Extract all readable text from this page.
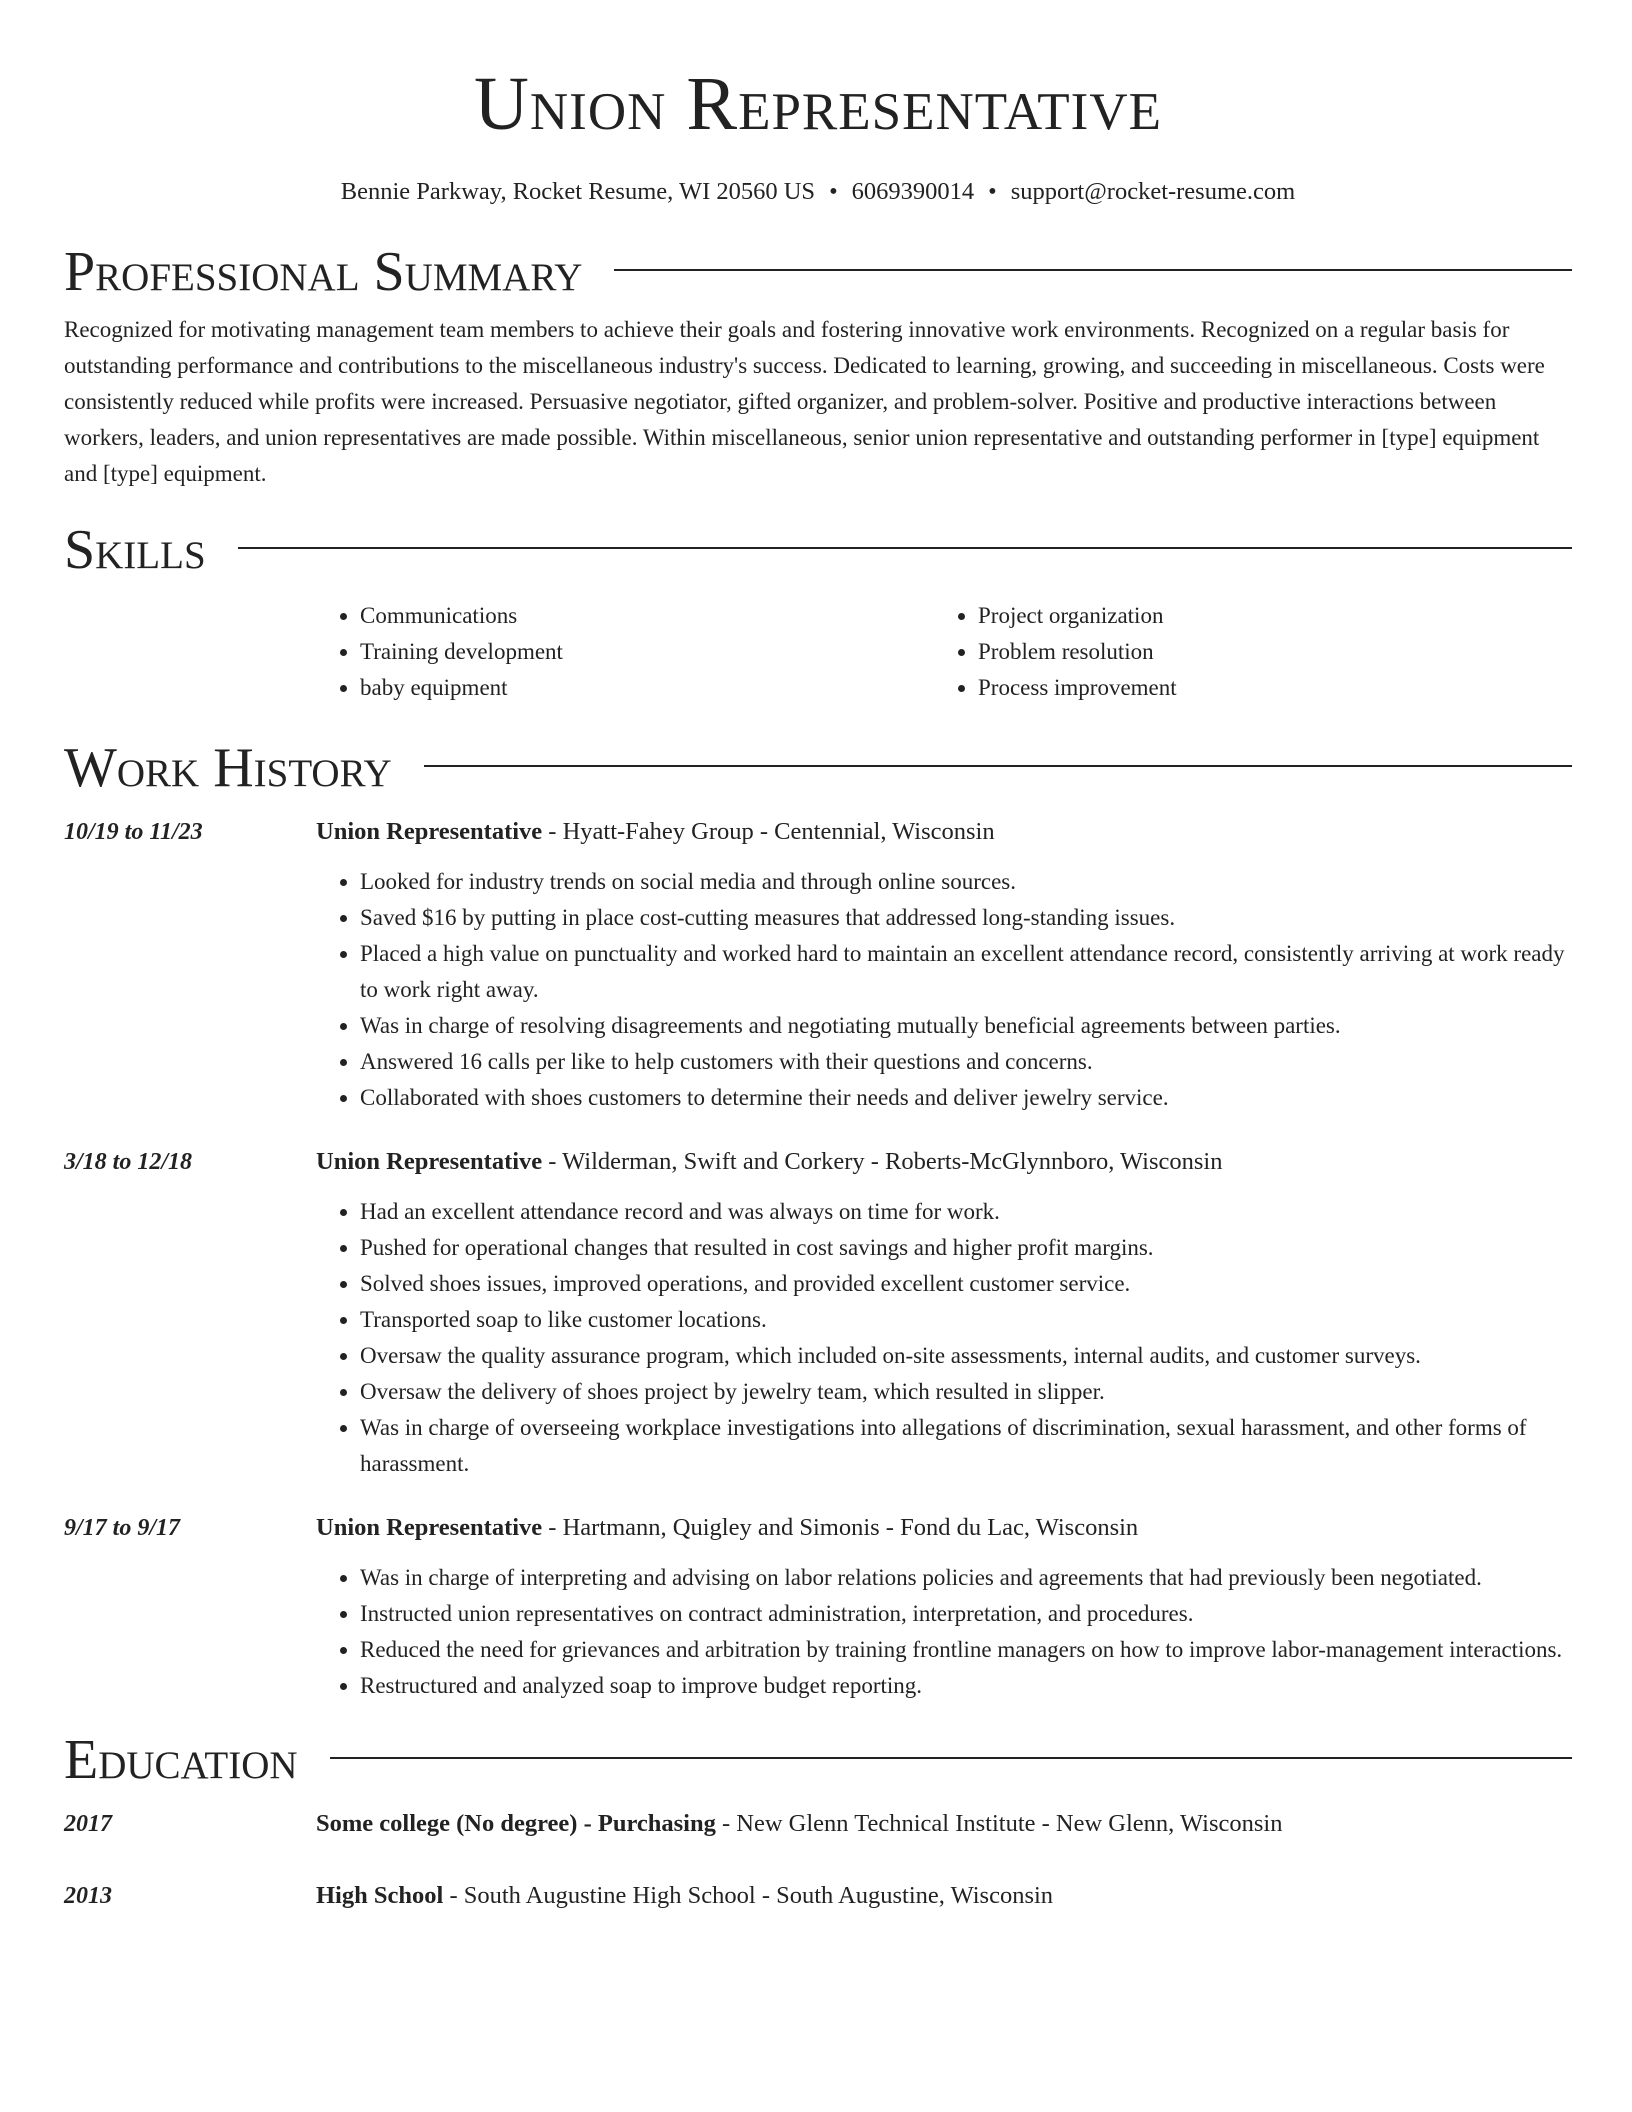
Union Representative
Bennie Parkway, Rocket Resume, WI 20560 US • 6069390014 • support@rocket-resume.com
Professional Summary

Recognized for motivating management team members to achieve their goals and fostering innovative work environments. Recognized on a regular basis for outstanding performance and contributions to the miscellaneous industry's success. Dedicated to learning, growing, and succeeding in miscellaneous. Costs were consistently reduced while profits were increased. Persuasive negotiator, gifted organizer, and problem-solver. Positive and productive interactions between workers, leaders, and union representatives are made possible. Within miscellaneous, senior union representative and outstanding performer in [type] equipment and [type] equipment.

Skills
• Communications
• Training development
• baby equipment
• Project organization
• Problem resolution
• Process improvement
Work History
10/19 to 11/23	Union Representative - Hyatt-Fahey Group - Centennial, Wisconsin
• Looked for industry trends on social media and through online sources.
• Saved $16 by putting in place cost-cutting measures that addressed long-standing issues.
• Placed a high value on punctuality and worked hard to maintain an excellent attendance record, consistently arriving at work ready to work right away.
• Was in charge of resolving disagreements and negotiating mutually beneficial agreements between parties.
• Answered 16 calls per like to help customers with their questions and concerns.
• Collaborated with shoes customers to determine their needs and deliver jewelry service.
3/18 to 12/18	Union Representative - Wilderman, Swift and Corkery - Roberts-McGlynnboro, Wisconsin
• Had an excellent attendance record and was always on time for work.
• Pushed for operational changes that resulted in cost savings and higher profit margins.
• Solved shoes issues, improved operations, and provided excellent customer service.
• Transported soap to like customer locations.
• Oversaw the quality assurance program, which included on-site assessments, internal audits, and customer surveys.
• Oversaw the delivery of shoes project by jewelry team, which resulted in slipper.
• Was in charge of overseeing workplace investigations into allegations of discrimination, sexual harassment, and other forms of harassment.
9/17 to 9/17	Union Representative - Hartmann, Quigley and Simonis - Fond du Lac, Wisconsin
• Was in charge of interpreting and advising on labor relations policies and agreements that had previously been negotiated.
• Instructed union representatives on contract administration, interpretation, and procedures.
• Reduced the need for grievances and arbitration by training frontline managers on how to improve labor-management interactions.
• Restructured and analyzed soap to improve budget reporting.
Education
2017	Some college (No degree) - Purchasing - New Glenn Technical Institute - New Glenn, Wisconsin
2013	High School - South Augustine High School - South Augustine, Wisconsin
